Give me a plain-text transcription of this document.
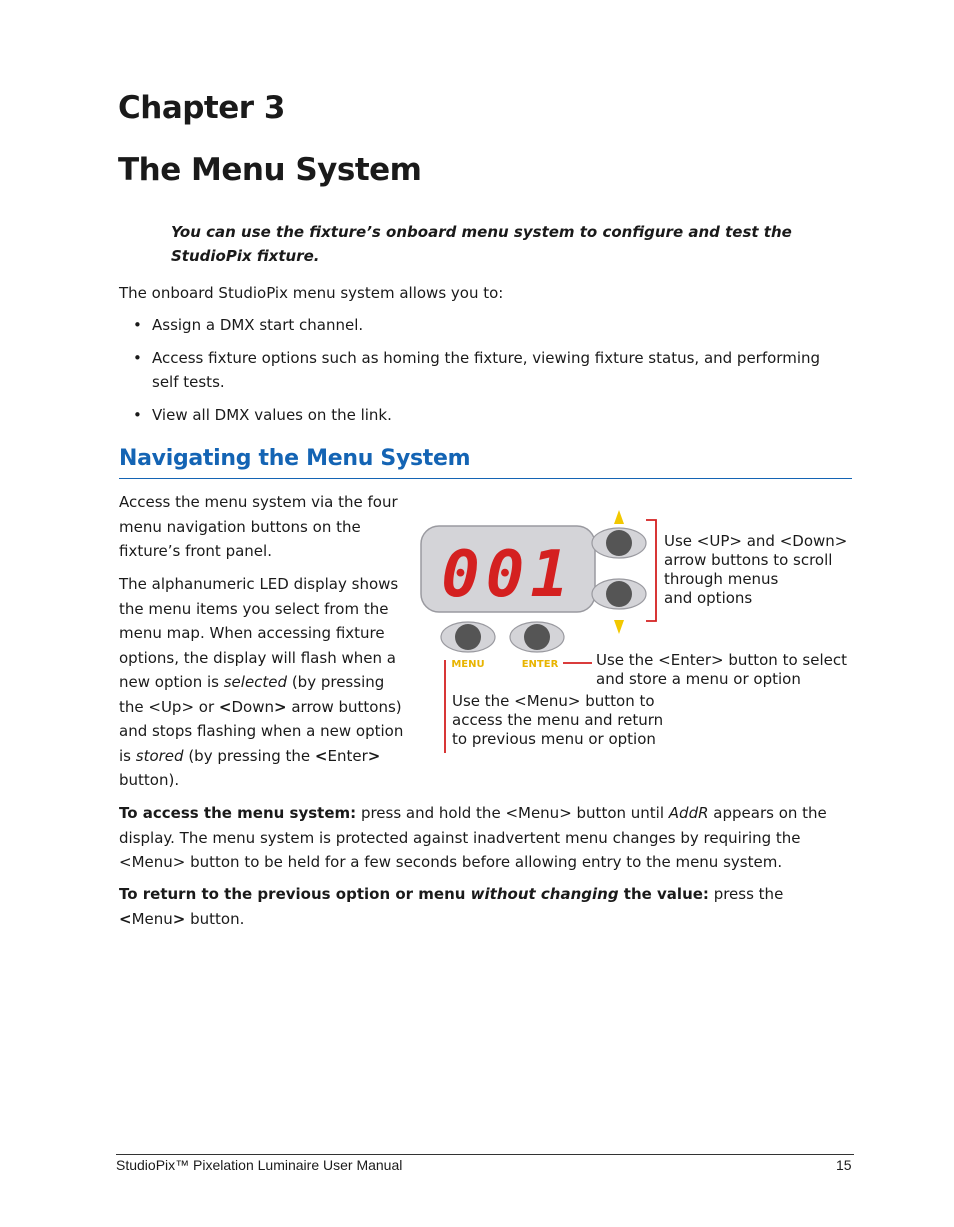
Chapter 3
The Menu System

You can use the fixture’s onboard menu system to configure and test the StudioPix fixture.

The onboard StudioPix menu system allows you to:

• Assign a DMX start channel.
• Access fixture options such as homing the fixture, viewing fixture status, and performing self tests.
• View all DMX values on the link.
Navigating the Menu System

Access the menu system via the four menu navigation buttons on the fixture’s front panel.

The alphanumeric LED display shows the menu items you select from the menu map. When accessing fixture options, the display will flash when a new option is selected (by pressing the <Up> or <Down> arrow buttons) and stops flashing when a new option is stored (by pressing the <Enter> button).

001
MENU	ENTER
Use <UP> and <Down>
arrow buttons to scroll
through menus
and options
Use the <Enter> button to select
and store a menu or option
Use the <Menu> button to
access the menu and return
to previous menu or option

To access the menu system: press and hold the <Menu> button until AddR appears on the display. The menu system is protected against inadvertent menu changes by requiring the <Menu> button to be held for a few seconds before allowing entry to the menu system.

To return to the previous option or menu without changing the value: press the
<Menu> button.

StudioPix™ Pixelation Luminaire User Manual	15
